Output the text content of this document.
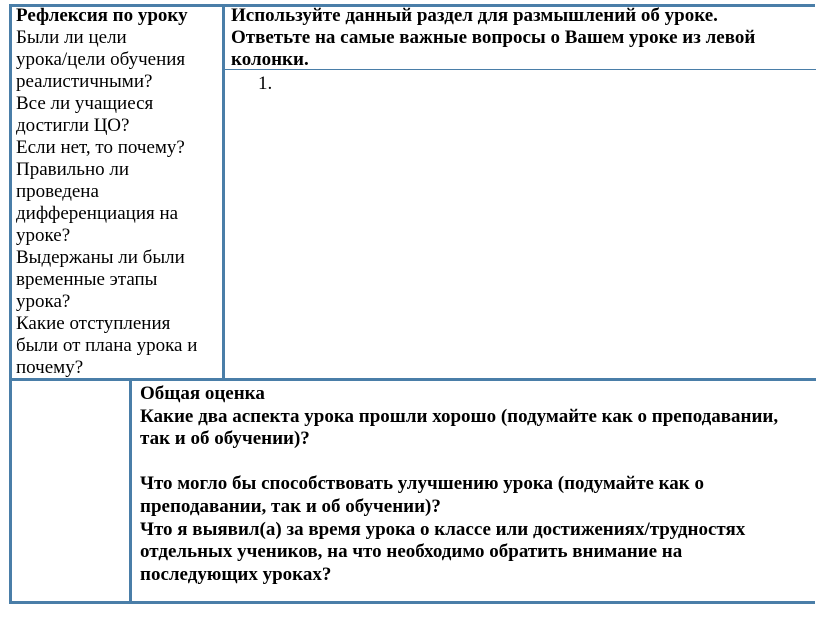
Рефлексия по уроку
Были ли цели
урока/цели обучения
реалистичными?
Все ли учащиеся
достигли ЦО?
Если нет, то почему?
Правильно ли
проведена
дифференциация на
уроке?
Выдержаны ли были
временные этапы
урока?
Какие отступления
были от плана урока и
почему?
Используйте данный раздел для размышлений об уроке.
Ответьте на самые важные вопросы о Вашем уроке из левой
колонки.
1.
Общая оценка
Какие два аспекта урока прошли хорошо (подумайте как о преподавании,
так и об обучении)?
Что могло бы способствовать улучшению урока (подумайте как о
преподавании, так и об обучении)?
Что я выявил(а) за время урока о классе или достижениях/трудностях
отдельных учеников, на что необходимо обратить внимание на
последующих уроках?
